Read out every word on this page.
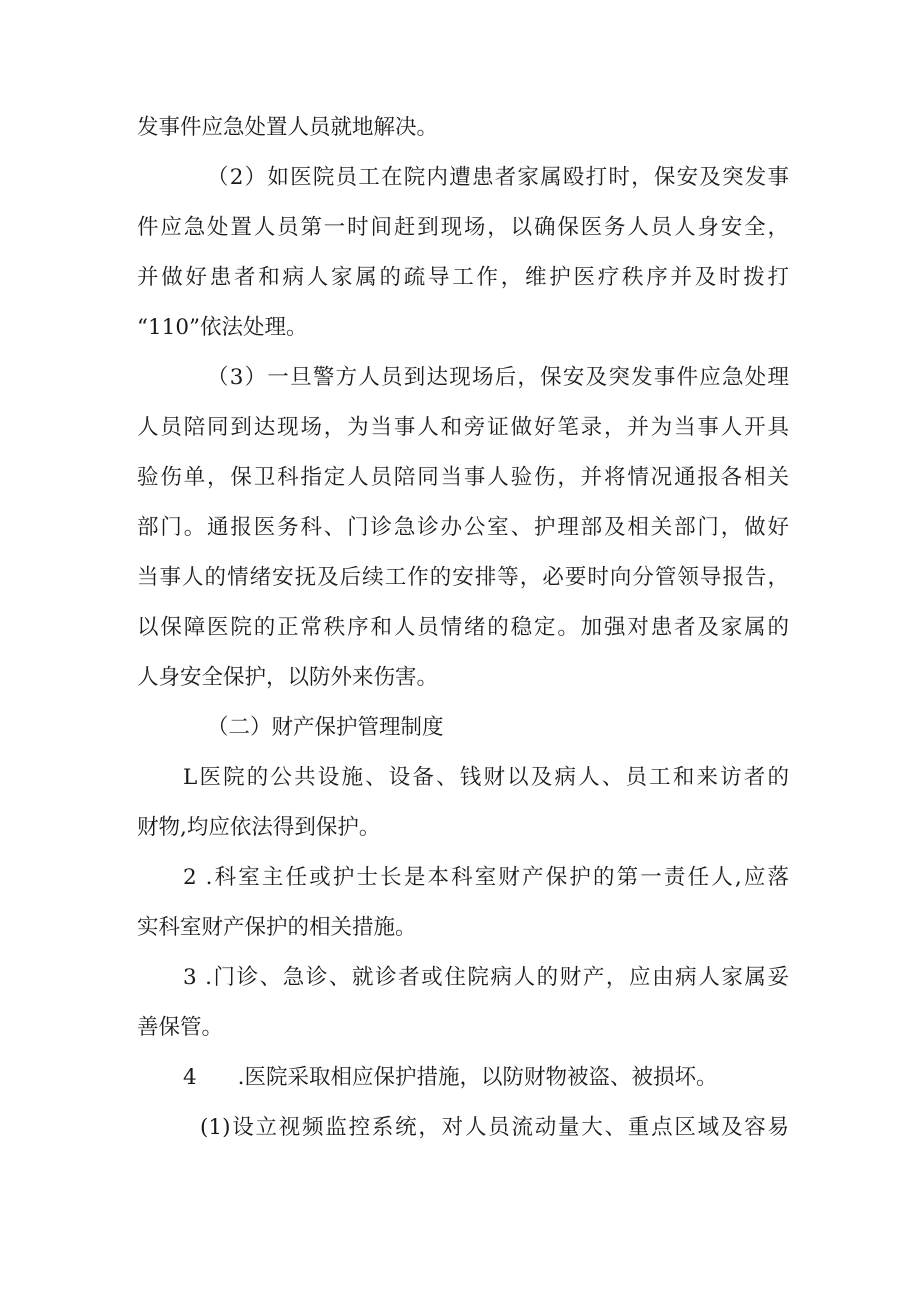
发事件应急处置人员就地解决。
（2）如医院员工在院内遭患者家属殴打时，保安及突发事
件应急处置人员第一时间赶到现场，以确保医务人员人身安全，
并做好患者和病人家属的疏导工作，维护医疗秩序并及时拨打
“110”依法处理。
（3）一旦警方人员到达现场后，保安及突发事件应急处理
人员陪同到达现场，为当事人和旁证做好笔录，并为当事人开具
验伤单，保卫科指定人员陪同当事人验伤，并将情况通报各相关
部门。通报医务科、门诊急诊办公室、护理部及相关部门，做好
当事人的情绪安抚及后续工作的安排等，必要时向分管领导报告，
以保障医院的正常秩序和人员情绪的稳定。加强对患者及家属的
人身安全保护，以防外来伤害。
（二）财产保护管理制度
L医院的公共设施、设备、钱财以及病人、员工和来访者的
财物,均应依法得到保护。
2 .科室主任或护士长是本科室财产保护的第一责任人,应落
实科室财产保护的相关措施。
3 .门诊、急诊、就诊者或住院病人的财产，应由病人家属妥
善保管。
4      .医院采取相应保护措施，以防财物被盗、被损坏。
(1)设立视频监控系统，对人员流动量大、重点区域及容易
